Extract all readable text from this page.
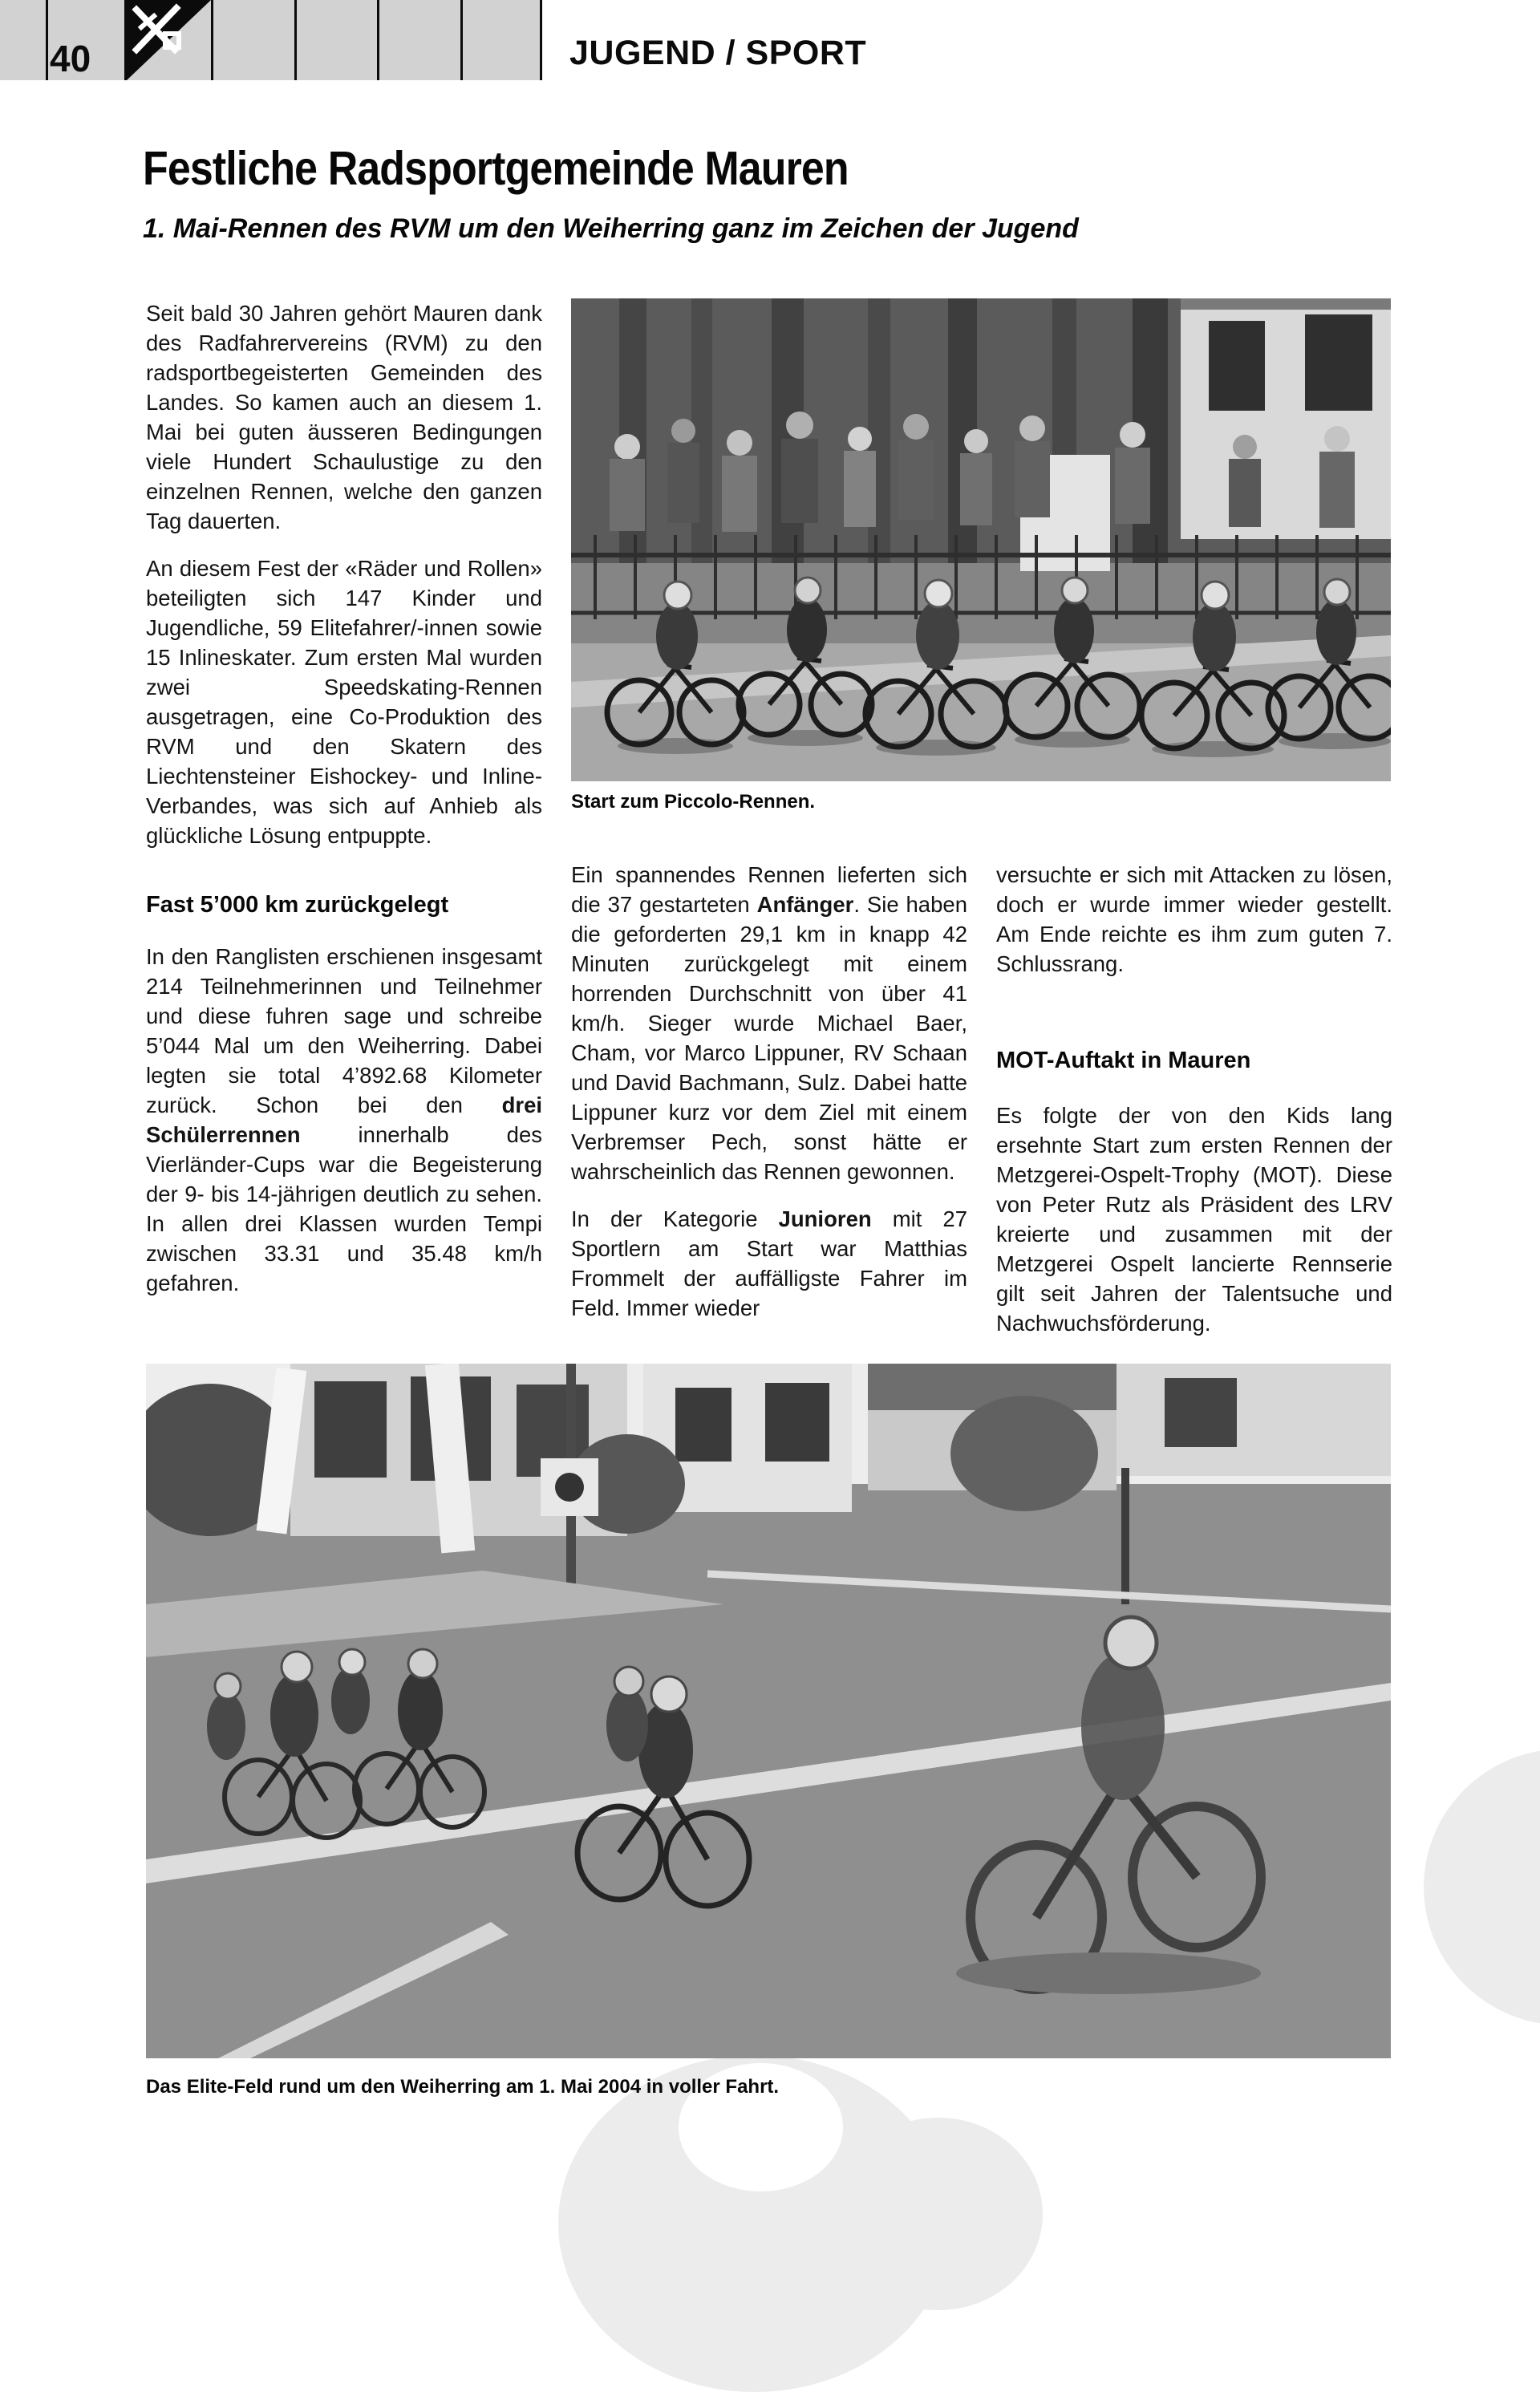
40	JUGEND / SPORT
Festliche Radsportgemeinde Mauren
1. Mai-Rennen des RVM um den Weiherring ganz im Zeichen der Jugend

Seit bald 30 Jahren gehört Mauren dank des Radfahrervereins (RVM) zu den radsportbegeisterten Gemeinden des Landes. So kamen auch an diesem 1. Mai bei guten äusseren Bedingungen viele Hundert Schaulustige zu den einzelnen Rennen, welche den ganzen Tag dauerten.

An diesem Fest der «Räder und Rollen» beteiligten sich 147 Kinder und Jugendliche, 59 Elitefahrer/-innen sowie 15 Inlineskater. Zum ersten Mal wurden zwei Speedskating-Rennen ausgetragen, eine Co-Produktion des RVM und den Skatern des Liechtensteiner Eishockey- und Inline-Verbandes, was sich auf Anhieb als glückliche Lösung entpuppte.

Fast 5’000 km zurückgelegt

In den Ranglisten erschienen insgesamt 214 Teilnehmerinnen und Teilnehmer und diese fuhren sage und schreibe 5’044 Mal um den Weiherring. Dabei legten sie total 4’892.68 Kilometer zurück. Schon bei den drei Schülerrennen innerhalb des Vierländer-Cups war die Begeisterung der 9- bis 14-jährigen deutlich zu sehen. In allen drei Klassen wurden Tempi zwischen 33.31 und 35.48 km/h gefahren.

Start zum Piccolo-Rennen.

Ein spannendes Rennen lieferten sich die 37 gestarteten Anfänger. Sie haben die geforderten 29,1 km in knapp 42 Minuten zurückgelegt mit einem horrenden Durchschnitt von über 41 km/h. Sieger wurde Michael Baer, Cham, vor Marco Lippuner, RV Schaan und David Bachmann, Sulz. Dabei hatte Lippuner kurz vor dem Ziel mit einem Verbremser Pech, sonst hätte er wahrscheinlich das Rennen gewonnen.

In der Kategorie Junioren mit 27 Sportlern am Start war Matthias Frommelt der auffälligste Fahrer im Feld. Immer wieder

versuchte er sich mit Attacken zu lösen, doch er wurde immer wieder gestellt. Am Ende reichte es ihm zum guten 7. Schlussrang.

MOT-Auftakt in Mauren

Es folgte der von den Kids lang ersehnte Start zum ersten Rennen der Metzgerei-Ospelt-Trophy (MOT). Diese von Peter Rutz als Präsident des LRV kreierte und zusammen mit der Metzgerei Ospelt lancierte Rennserie gilt seit Jahren der Talentsuche und Nachwuchsförderung.

Das Elite-Feld rund um den Weiherring am 1. Mai 2004 in voller Fahrt.
